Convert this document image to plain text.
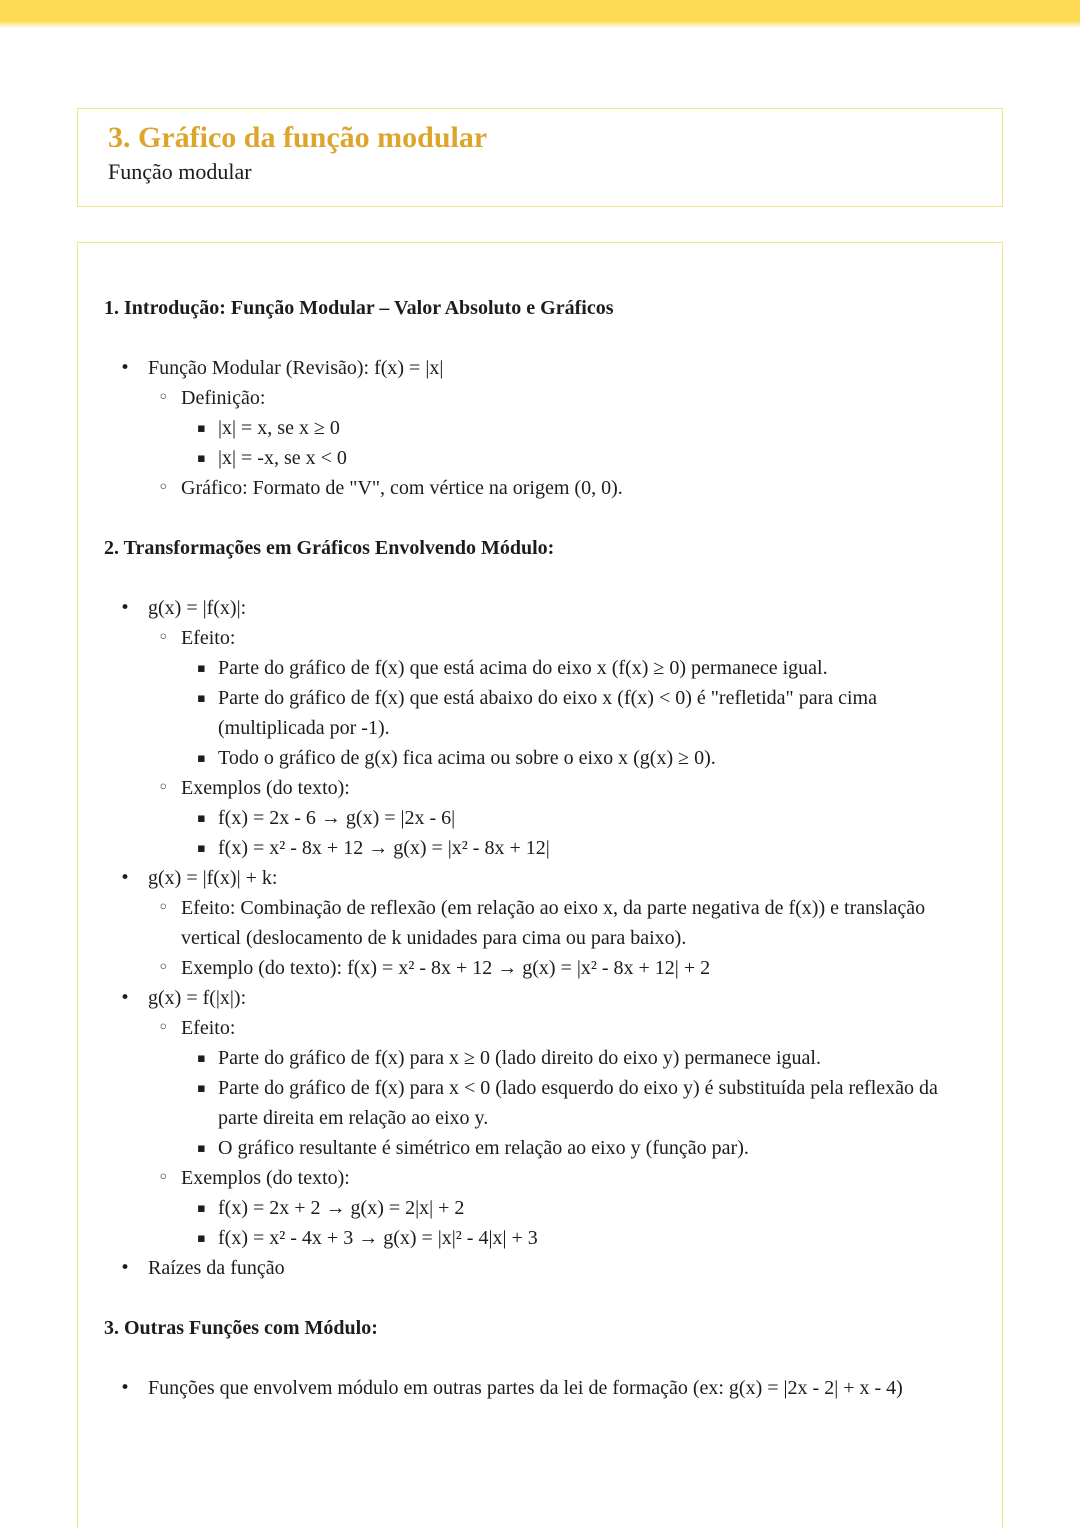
3. Gráfico da função modular

Função modular

1. Introdução: Função Modular – Valor Absoluto e Gráficos
• Função Modular (Revisão): f(x) = |x|
◦ Definição:
▪ |x| = x, se x ≥ 0
▪ |x| = -x, se x < 0
◦ Gráfico: Formato de "V", com vértice na origem (0, 0).
2. Transformações em Gráficos Envolvendo Módulo:
• g(x) = |f(x)|:
◦ Efeito:
▪ Parte do gráfico de f(x) que está acima do eixo x (f(x) ≥ 0) permanece igual.
▪ Parte do gráfico de f(x) que está abaixo do eixo x (f(x) < 0) é "refletida" para cima (multiplicada por -1).
▪ Todo o gráfico de g(x) fica acima ou sobre o eixo x (g(x) ≥ 0).
◦ Exemplos (do texto):
▪ f(x) = 2x - 6 → g(x) = |2x - 6|
▪ f(x) = x² - 8x + 12 → g(x) = |x² - 8x + 12|
• g(x) = |f(x)| + k:
◦ Efeito: Combinação de reflexão (em relação ao eixo x, da parte negativa de f(x)) e translação vertical (deslocamento de k unidades para cima ou para baixo).
◦ Exemplo (do texto): f(x) = x² - 8x + 12 → g(x) = |x² - 8x + 12| + 2
• g(x) = f(|x|):
◦ Efeito:
▪ Parte do gráfico de f(x) para x ≥ 0 (lado direito do eixo y) permanece igual.
▪ Parte do gráfico de f(x) para x < 0 (lado esquerdo do eixo y) é substituída pela reflexão da parte direita em relação ao eixo y.
▪ O gráfico resultante é simétrico em relação ao eixo y (função par).
◦ Exemplos (do texto):
▪ f(x) = 2x + 2 → g(x) = 2|x| + 2
▪ f(x) = x² - 4x + 3 → g(x) = |x|² - 4|x| + 3
• Raízes da função
3. Outras Funções com Módulo:
• Funções que envolvem módulo em outras partes da lei de formação (ex: g(x) = |2x - 2| + x - 4)
